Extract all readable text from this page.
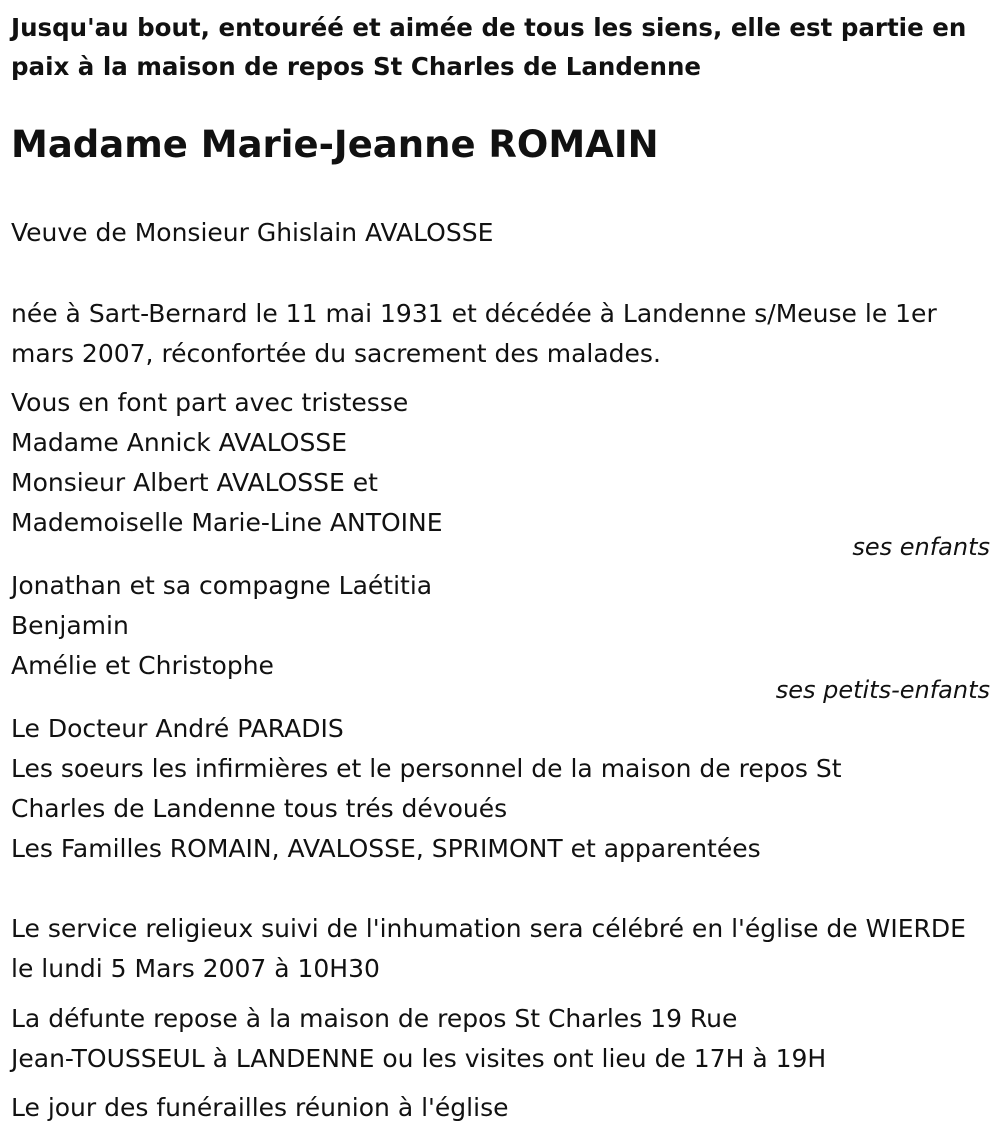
Jusqu'au bout, entouréé et aimée de tous les siens, elle est partie en paix à la maison de repos St Charles de Landenne

Madame Marie-Jeanne ROMAIN

Veuve de Monsieur Ghislain AVALOSSE

née à Sart-Bernard le 11 mai 1931 et décédée à Landenne s/Meuse le 1er mars 2007, réconfortée du sacrement des malades.

Vous en font part avec tristesse

Madame Annick AVALOSSE

Monsieur Albert AVALOSSE et

Mademoiselle Marie-Line ANTOINE

ses enfants

Jonathan et sa compagne Laétitia

Benjamin

Amélie et Christophe

ses petits-enfants

Le Docteur André PARADIS

Les soeurs les infirmières et le personnel de la maison de repos St

Charles de Landenne tous trés dévoués

Les Familles ROMAIN, AVALOSSE, SPRIMONT et apparentées

Le service religieux suivi de l'inhumation sera célébré en l'église de WIERDE le lundi 5 Mars 2007 à 10H30

La défunte repose à la maison de repos St Charles 19 Rue

Jean-TOUSSEUL à LANDENNE ou les visites ont lieu de 17H à 19H

Le jour des funérailles réunion à l'église
